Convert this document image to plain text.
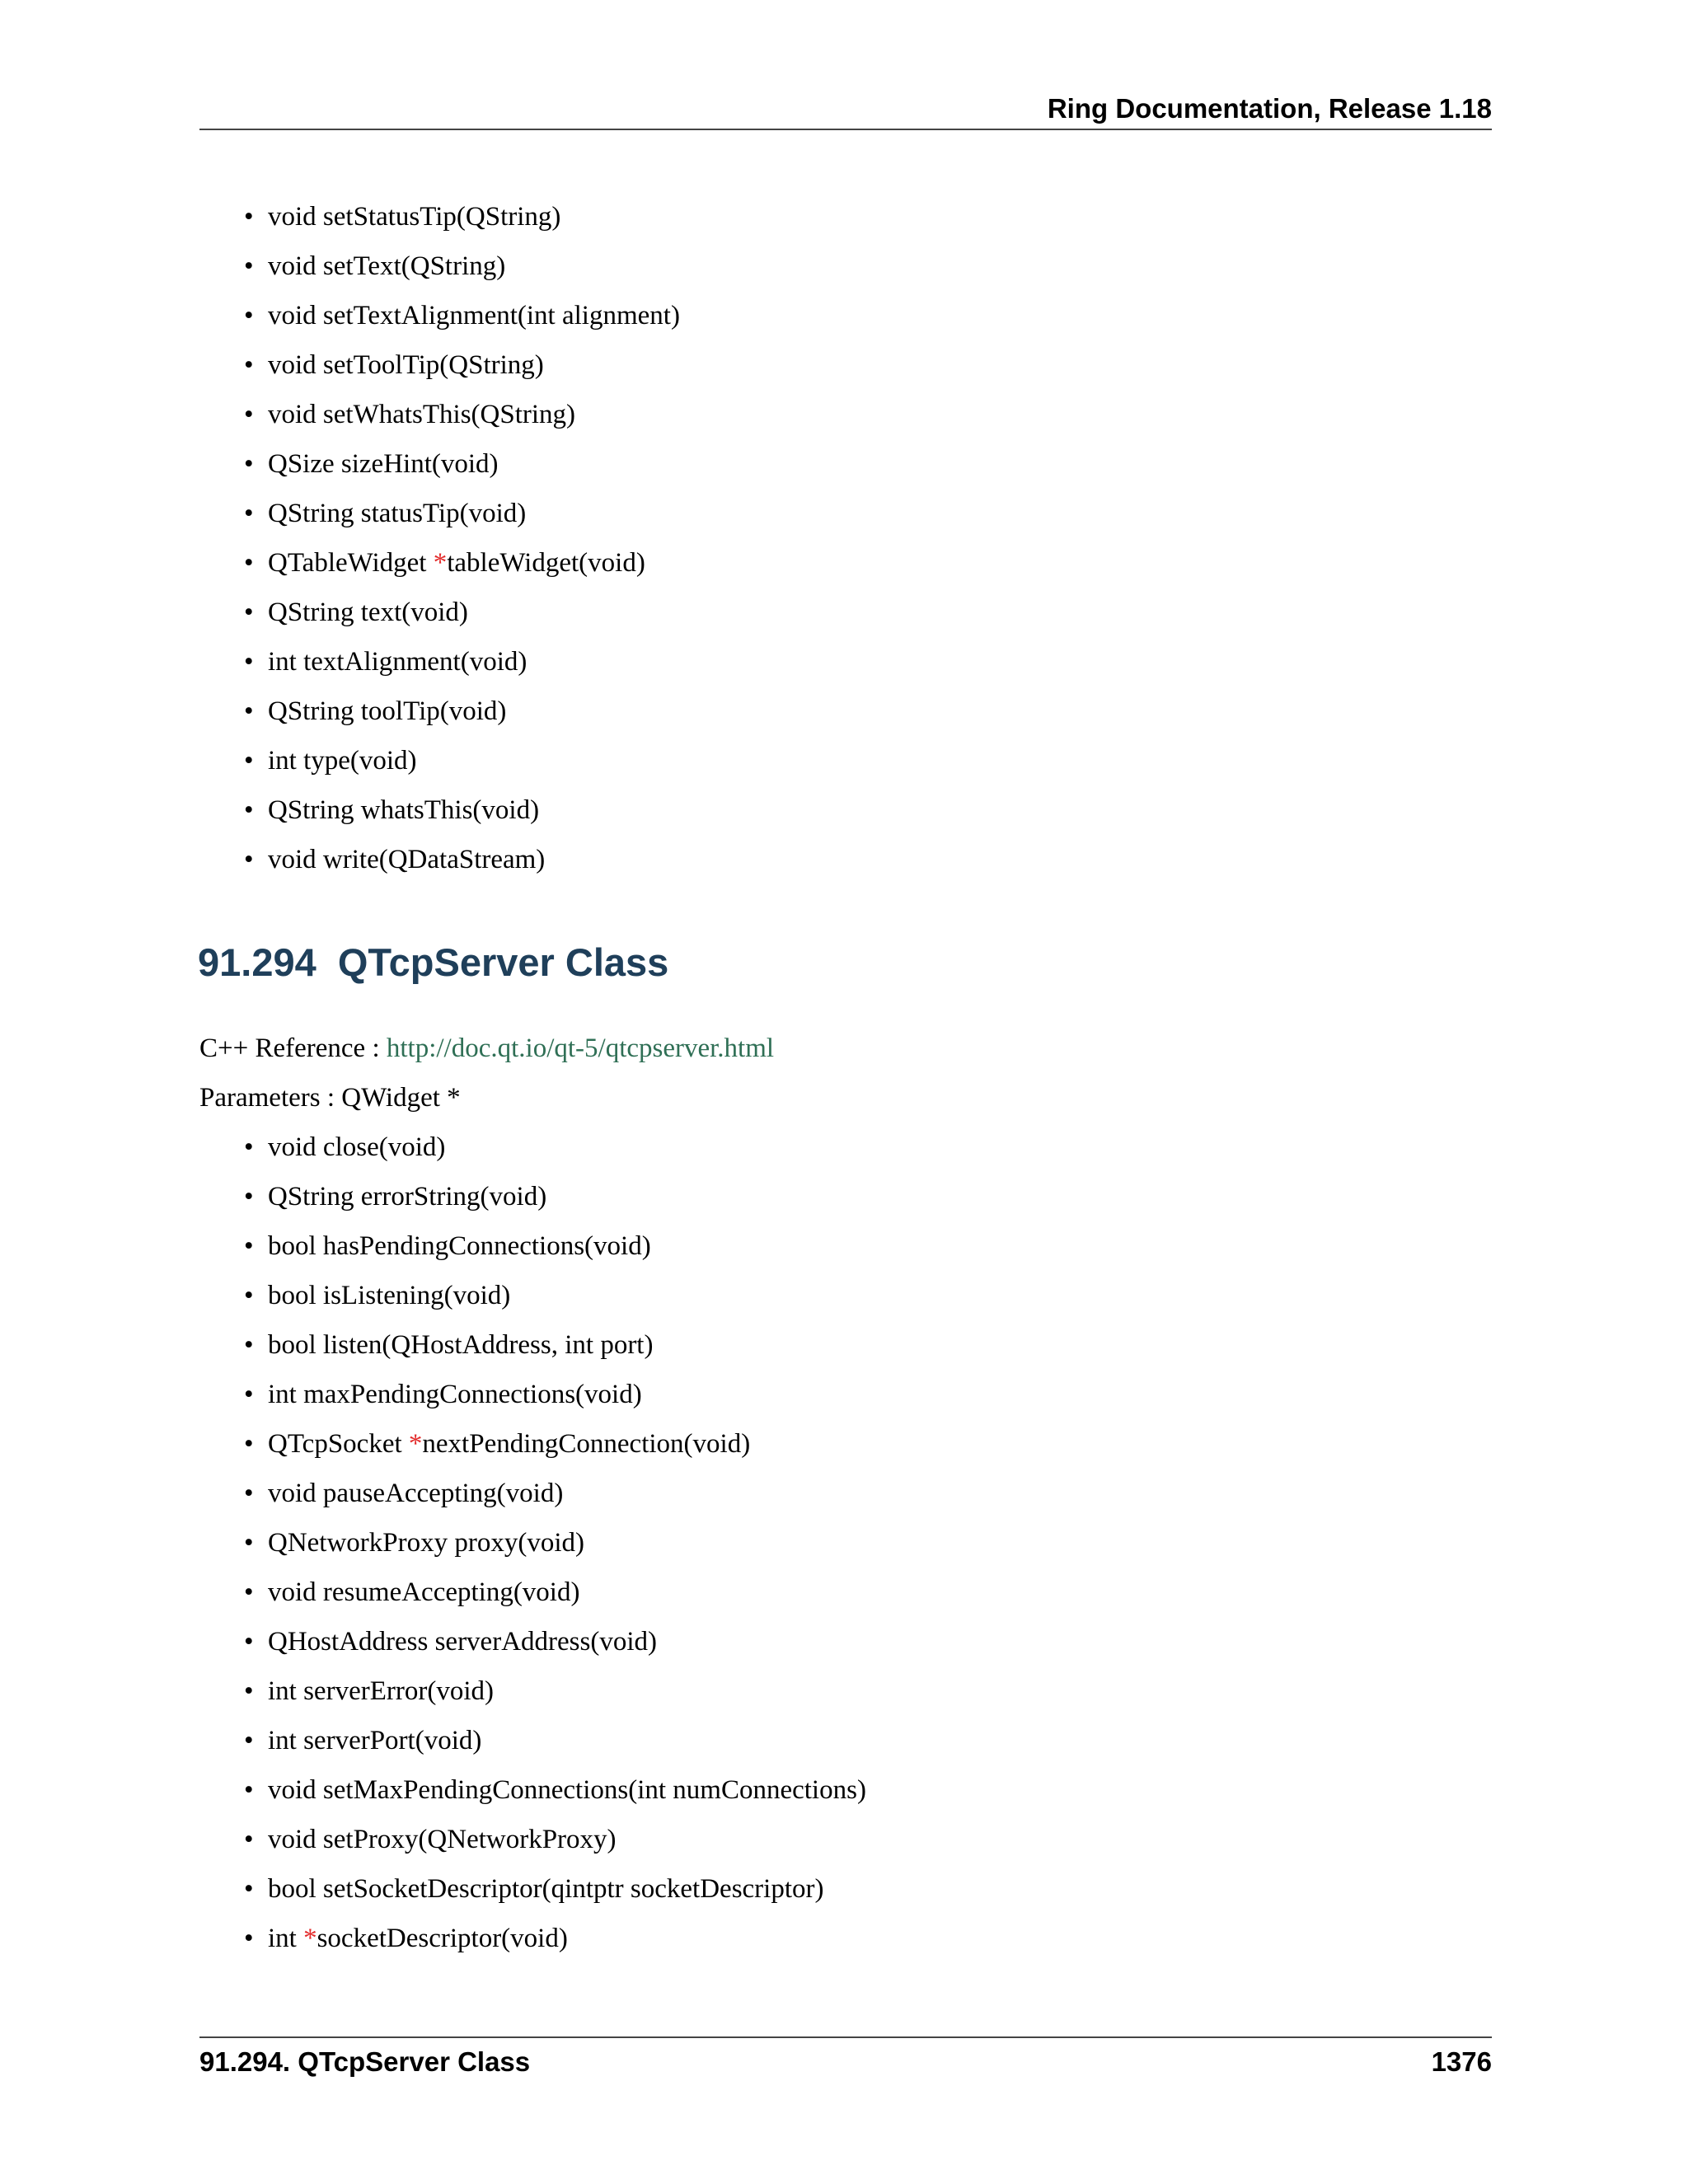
Ring Documentation, Release 1.18
• void setStatusTip(QString)
• void setText(QString)
• void setTextAlignment(int alignment)
• void setToolTip(QString)
• void setWhatsThis(QString)
• QSize sizeHint(void)
• QString statusTip(void)
• QTableWidget *tableWidget(void)
• QString text(void)
• int textAlignment(void)
• QString toolTip(void)
• int type(void)
• QString whatsThis(void)
• void write(QDataStream)
91.294  QTcpServer Class
C++ Reference : http://doc.qt.io/qt-5/qtcpserver.html
Parameters : QWidget *
• void close(void)
• QString errorString(void)
• bool hasPendingConnections(void)
• bool isListening(void)
• bool listen(QHostAddress, int port)
• int maxPendingConnections(void)
• QTcpSocket *nextPendingConnection(void)
• void pauseAccepting(void)
• QNetworkProxy proxy(void)
• void resumeAccepting(void)
• QHostAddress serverAddress(void)
• int serverError(void)
• int serverPort(void)
• void setMaxPendingConnections(int numConnections)
• void setProxy(QNetworkProxy)
• bool setSocketDescriptor(qintptr socketDescriptor)
• int *socketDescriptor(void)
91.294. QTcpServer Class	1376
